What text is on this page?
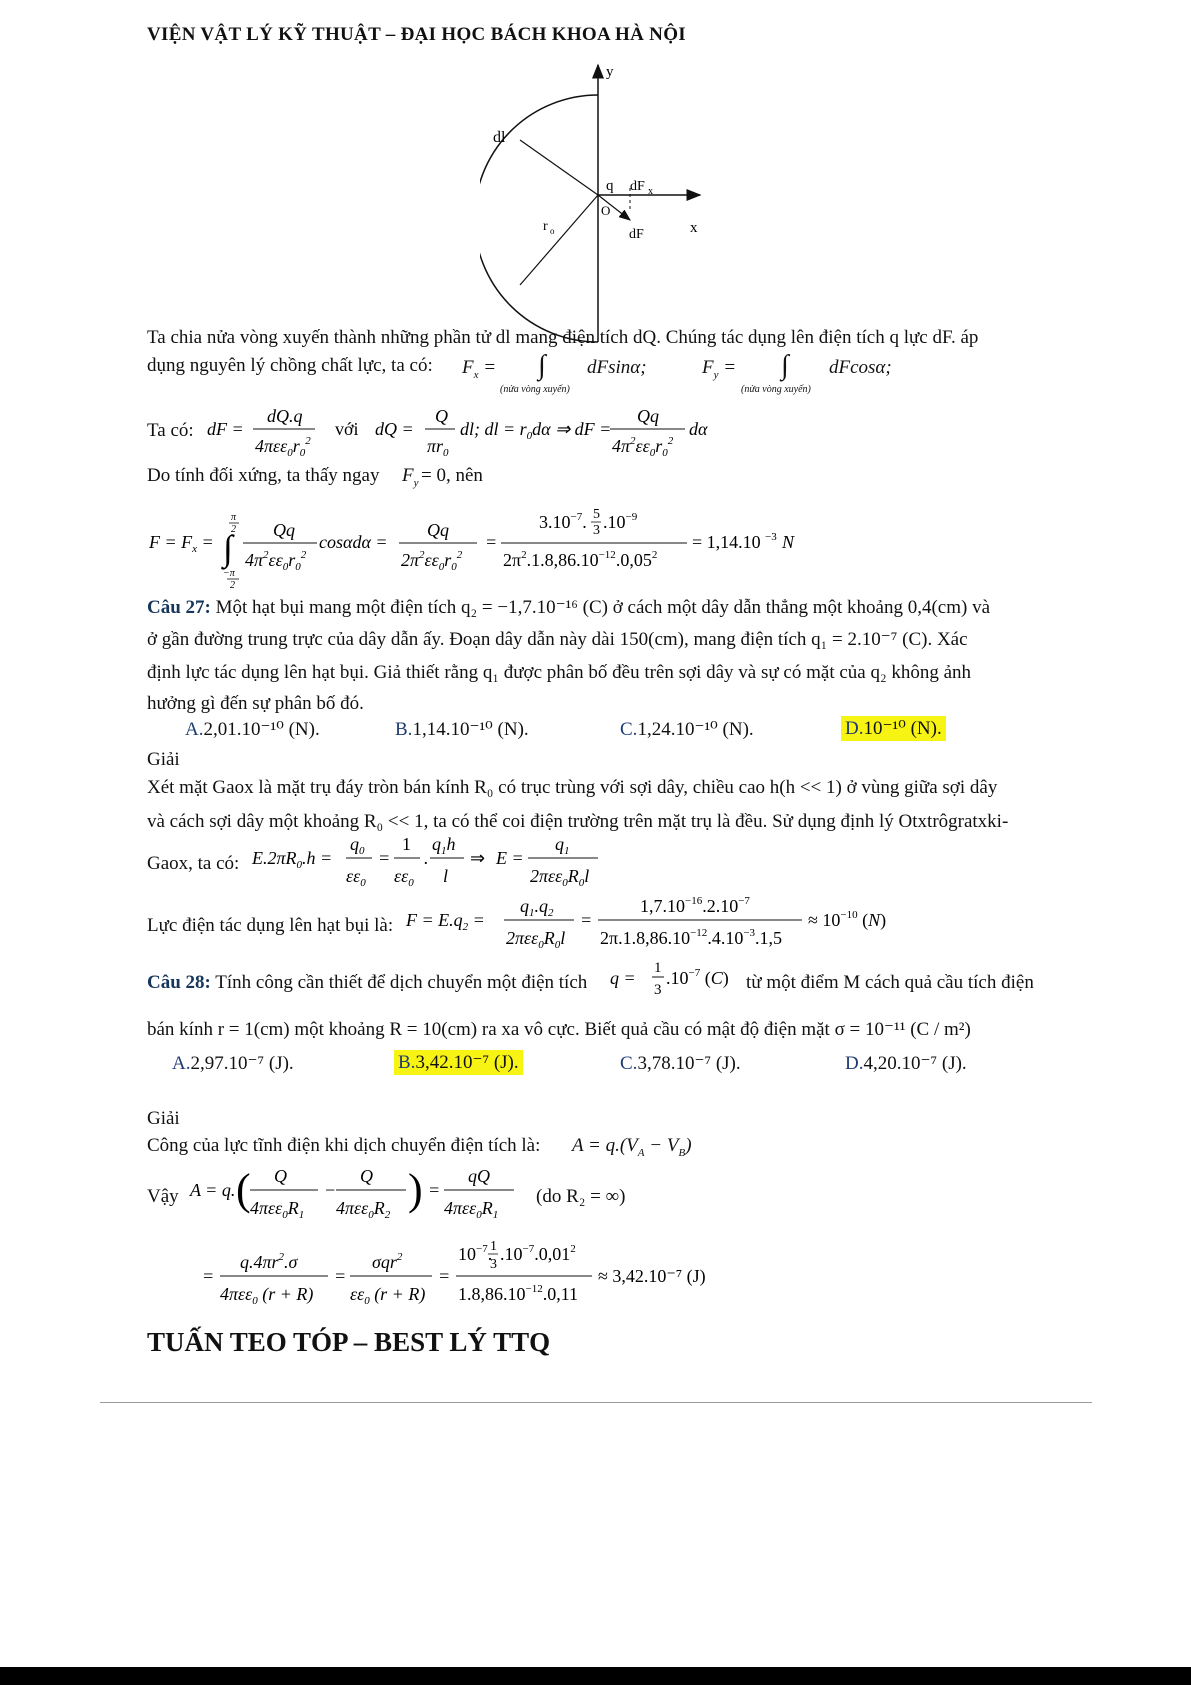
VIỆN VẬT LÝ KỸ THUẬT – ĐẠI HỌC BÁCH KHOA HÀ NỘI
y
x
dl
q dF x
O
dF
r o
Ta chia nửa vòng xuyến thành những phần tử dl mang điện tích dQ. Chúng tác dụng lên điện tích q lực dF. áp
dụng nguyên lý chồng chất lực, ta có: $F_x$ = ∫
(nửa vòng xuyến)
dFsinα;	$F_y$ = ∫
(nửa vòng xuyến)
dFcosα;
Ta có: dF =
dQ.q
$4\pi\varepsilon\varepsilon_0r_0^2$
với dQ =
Q
$\pi r_0$
dl; dl = $r_0d\alpha$ ⇒ dF =
Qq
$4\pi^2\varepsilon\varepsilon_0r_0^2$
dα
Do tính đối xứng, ta thấy ngay $F_y = 0$, nên
$F = F_x$ = ∫
π
2
−π
2
Qq
$4\pi^2\varepsilon\varepsilon_0r_0^2$
cosαdα =
Qq
$2\pi^2\varepsilon\varepsilon_0r_0^2$
=
$3.10^{-7}$. 5
3 $.10^{-9}$
$2\pi^2.1.8,86.10^{-12}.0,05^2$
= 1,14.10 −3 N
Câu 27: Một hạt bụi mang một điện tích q₂ = −1,7.10⁻¹⁶ (C) ở cách một dây dẫn thẳng một khoảng 0,4(cm) và
ở gần đường trung trực của dây dẫn ấy. Đoạn dây dẫn này dài 150(cm), mang điện tích q₁ = 2.10⁻⁷ (C). Xác
định lực tác dụng lên hạt bụi. Giả thiết rằng q₁ được phân bố đều trên sợi dây và sự có mặt của q₂ không ảnh
hưởng gì đến sự phân bố đó.
A.2,01.10⁻¹⁰ (N).	B.1,14.10⁻¹⁰ (N).	C.1,24.10⁻¹⁰ (N).	D.10⁻¹⁰ (N).
Giải
Xét mặt Gaox là mặt trụ đáy tròn bán kính R₀ có trục trùng với sợi dây, chiều cao h(h << 1) ở vùng giữa sợi dây
và cách sợi dây một khoảng R₀ << 1, ta có thể coi điện trường trên mặt trụ là đều. Sử dụng định lý Otxtrôgratxki-
Gaox, ta có: $E.2\pi R_0.h$ =
$q_0$
$\varepsilon\varepsilon_0$
=
1
$\varepsilon\varepsilon_0$
.
$q_1h$
l
⇒ E =
$q_1$
$2\pi\varepsilon\varepsilon_0R_0l$
Lực điện tác dụng lên hạt bụi là: $F = E.q_2$ =
$q_1.q_2$
$2\pi\varepsilon\varepsilon_0R_0l$
=
$1,7.10^{-16}.2.10^{-7}$
$2\pi.1.8,86.10^{-12}.4.10^{-3}.1,5$
≈ $10^{-10}$ (N)
Câu 28: Tính công cần thiết để dịch chuyển một điện tích q = 1
3
$.10^{-7}$ (C) từ một điểm M cách quả cầu tích điện
bán kính r = 1(cm) một khoảng R = 10(cm) ra xa vô cực. Biết quả cầu có mật độ điện mặt σ = 10⁻¹¹ (C / m²)
A.2,97.10⁻⁷ (J).	B.3,42.10⁻⁷ (J).	C.3,78.10⁻⁷ (J).	D.4,20.10⁻⁷ (J).
Giải
Công của lực tĩnh điện khi dịch chuyển điện tích là: $A = q.(V_A - V_B)$
Vậy A = q. ( Q
$4\pi\varepsilon\varepsilon_0R_1$
−
Q
$4\pi\varepsilon\varepsilon_0R_2$
) =
qQ
$4\pi\varepsilon\varepsilon_0R_1$
(do R₂ = ∞)
=
$q.4\pi r^2.\sigma$
4πεε$_0$ (r + R)
=
σqr$^2$
$\varepsilon\varepsilon_0$ (r + R)
=
$10^{-7}$.
1
3
$.10^{-7}.0,01^2$
$1.8,86.10^{-12}.0,11$
≈ 3,42.10⁻⁷ (J)
TUẤN TEO TÓP – BEST LÝ TTQ
